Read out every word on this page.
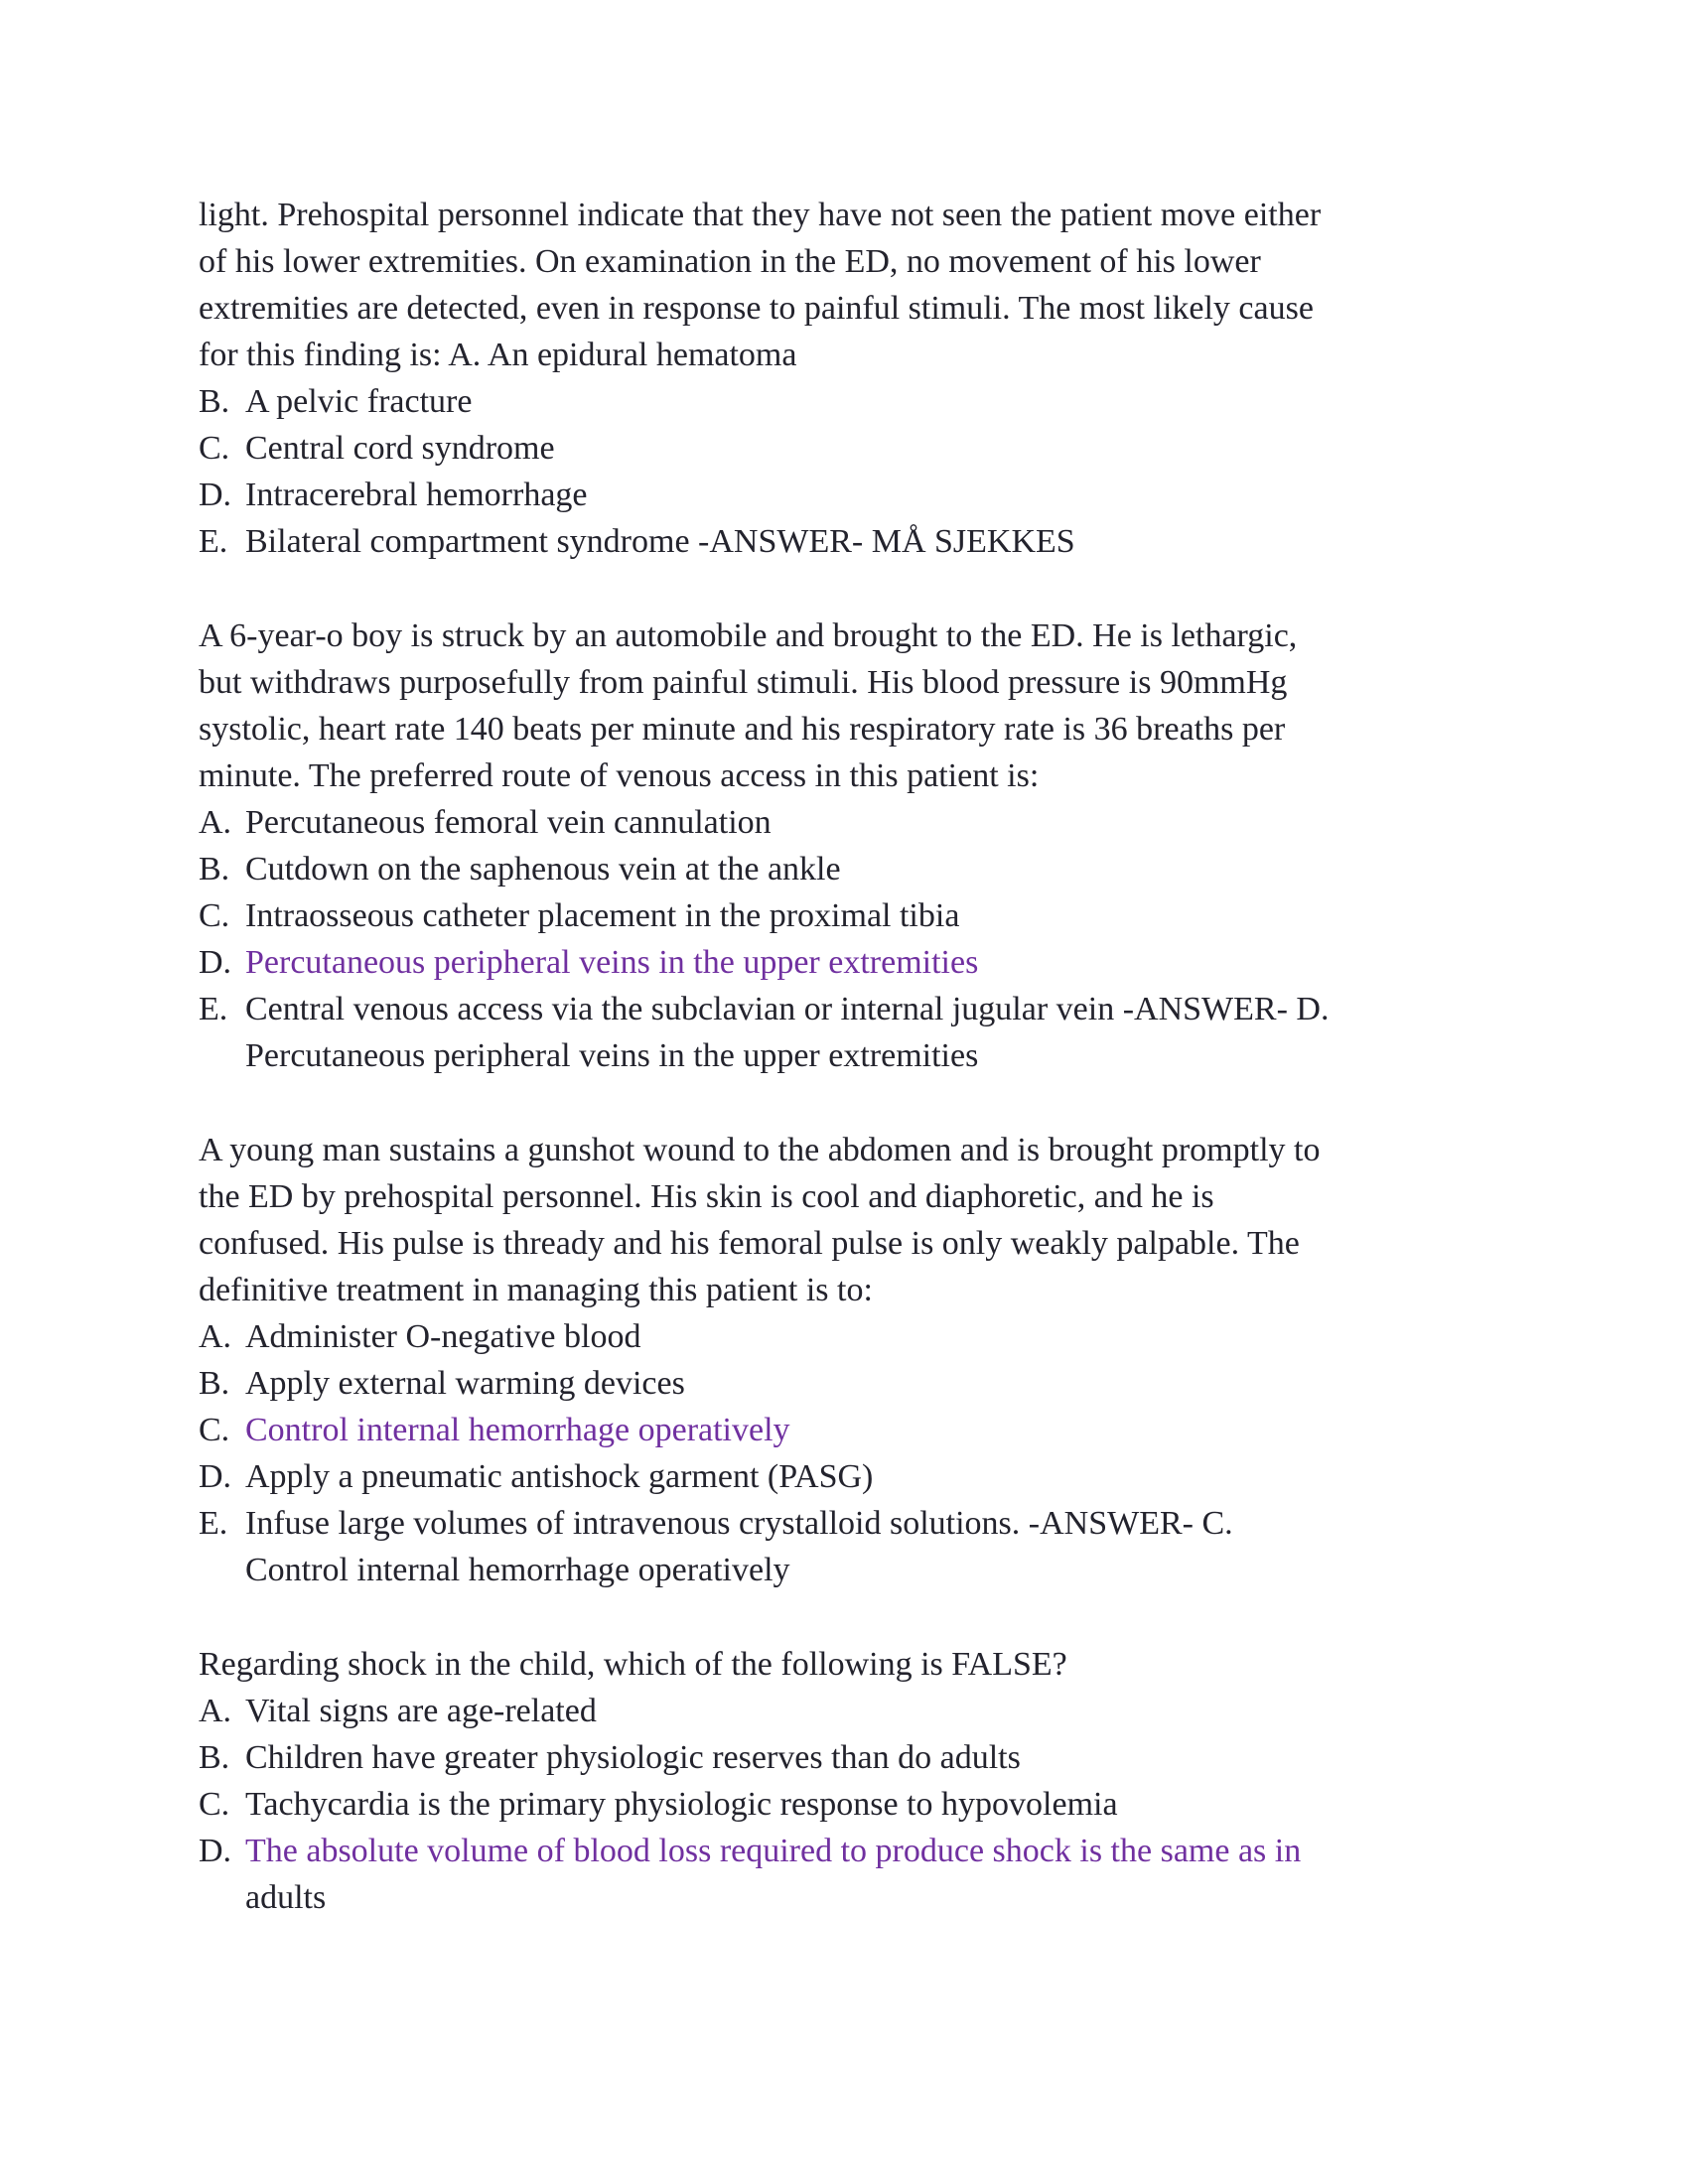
light. Prehospital personnel indicate that they have not seen the patient move either
of his lower extremities. On examination in the ED, no movement of his lower
extremities are detected, even in response to painful stimuli. The most likely cause
for this finding is: A. An epidural hematoma

B. A pelvic fracture
C. Central cord syndrome
D. Intracerebral hemorrhage
E. Bilateral compartment syndrome -ANSWER- MÅ SJEKKES

A 6-year-o boy is struck by an automobile and brought to the ED. He is lethargic,
but withdraws purposefully from painful stimuli. His blood pressure is 90mmHg
systolic, heart rate 140 beats per minute and his respiratory rate is 36 breaths per
minute. The preferred route of venous access in this patient is:

A. Percutaneous femoral vein cannulation
B. Cutdown on the saphenous vein at the ankle
C. Intraosseous catheter placement in the proximal tibia
D. Percutaneous peripheral veins in the upper extremities
E. Central venous access via the subclavian or internal jugular vein -ANSWER- D.
Percutaneous peripheral veins in the upper extremities

A young man sustains a gunshot wound to the abdomen and is brought promptly to
the ED by prehospital personnel. His skin is cool and diaphoretic, and he is
confused. His pulse is thready and his femoral pulse is only weakly palpable. The
definitive treatment in managing this patient is to:

A. Administer O-negative blood
B. Apply external warming devices
C. Control internal hemorrhage operatively
D. Apply a pneumatic antishock garment (PASG)
E. Infuse large volumes of intravenous crystalloid solutions. -ANSWER- C.
Control internal hemorrhage operatively

Regarding shock in the child, which of the following is FALSE?

A. Vital signs are age-related
B. Children have greater physiologic reserves than do adults
C. Tachycardia is the primary physiologic response to hypovolemia
D. The absolute volume of blood loss required to produce shock is the same as in
adults
